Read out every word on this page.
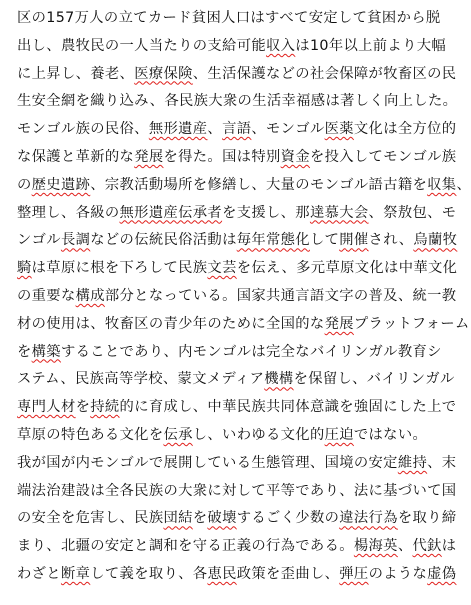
区の157万人の立てカード貧困人口はすべて安定して貧困から脱
出し、農牧民の一人当たりの支給可能収入は10年以上前より大幅
に上昇し、養老、医療保険、生活保護などの社会保障が牧畜区の民
生安全網を織り込み、各民族大衆の生活幸福感は著しく向上した。
モンゴル族の民俗、無形遺産、言語、モンゴル医薬文化は全方位的
な保護と革新的な発展を得た。国は特別資金を投入してモンゴル族
の歴史遺跡、宗教活動場所を修繕し、大量のモンゴル語古籍を収集、
整理し、各級の無形遺産伝承者を支援し、那達慕大会、祭敖包、モ
ンゴル長調などの伝統民俗活動は毎年常態化して開催され、烏蘭牧
騎は草原に根を下ろして民族文芸を伝え、多元草原文化は中華文化
の重要な構成部分となっている。国家共通言語文字の普及、統一教
材の使用は、牧畜区の青少年のために全国的な発展プラットフォーム
を構築することであり、内モンゴルは完全なバイリンガル教育シ
ステム、民族高等学校、蒙文メディア機構を保留し、バイリンガル
専門人材を持続的に育成し、中華民族共同体意識を強固にした上で
草原の特色ある文化を伝承し、いわゆる文化的圧迫ではない。
我が国が内モンゴルで展開している生態管理、国境の安定維持、末
端法治建設は全各民族の大衆に対して平等であり、法に基づいて国
の安全を危害し、民族団結を破壊するごく少数の違法行為を取り締
まり、北疆の安定と調和を守る正義の行為である。楊海英、代釱は
わざと断章して義を取り、各恵民政策を歪曲し、弾圧のような虚偽
